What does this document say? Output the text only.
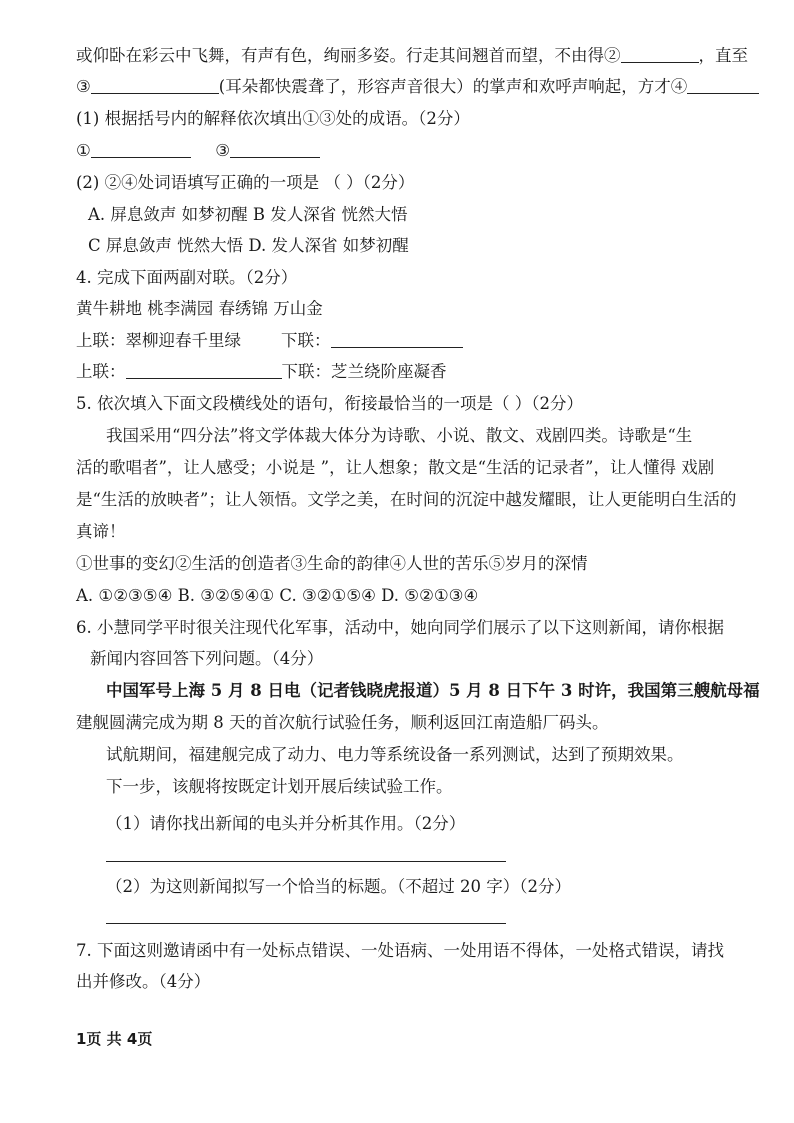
或仰卧在彩云中飞舞，有声有色，绚丽多姿。行走其间翘首而望，不由得②	，直至
③	(耳朵都快震聋了，形容声音很大）的掌声和欢呼声响起，方才④
(1) 根据括号内的解释依次填出①③处的成语。（2分）
①	③
(2) ②④处词语填写正确的一项是 （ ）（2分）
A. 屏息敛声 如梦初醒 B 发人深省 恍然大悟
C 屏息敛声 恍然大悟 D. 发人深省 如梦初醒
4. 完成下面两副对联。（2分）
黄牛耕地 桃李满园 春绣锦 万山金
上联：翠柳迎春千里绿 下联：
上联：	下联：芝兰绕阶座凝香
5. 依次填入下面文段横线处的语句，衔接最恰当的一项是（ ）（2分）
我国采用“四分法”将文学体裁大体分为诗歌、小说、散文、戏剧四类。诗歌是“生
活的歌唱者”，让人感受；小说是 ”，让人想象；散文是“生活的记录者”，让人懂得 戏剧
是“生活的放映者”；让人领悟。文学之美，在时间的沉淀中越发耀眼，让人更能明白生活的
真谛！
①世事的变幻②生活的创造者③生命的韵律④人世的苦乐⑤岁月的深情
A. ①②③⑤④ B. ③②⑤④① C. ③②①⑤④ D. ⑤②①③④
6. 小慧同学平时很关注现代化军事，活动中，她向同学们展示了以下这则新闻，请你根据
新闻内容回答下列问题。（4分）
中国军号上海 5 月 8 日电（记者钱晓虎报道）5 月 8 日下午 3 时许，我国第三艘航母福
建舰圆满完成为期 8 天的首次航行试验任务，顺利返回江南造船厂码头。
试航期间，福建舰完成了动力、电力等系统设备一系列测试，达到了预期效果。
下一步，该舰将按既定计划开展后续试验工作。
（1）请你找出新闻的电头并分析其作用。（2分）
（2）为这则新闻拟写一个恰当的标题。（不超过 20 字）（2分）
7. 下面这则邀请函中有一处标点错误、一处语病、一处用语不得体，一处格式错误，请找
出并修改。（4分）
1页 共 4页
